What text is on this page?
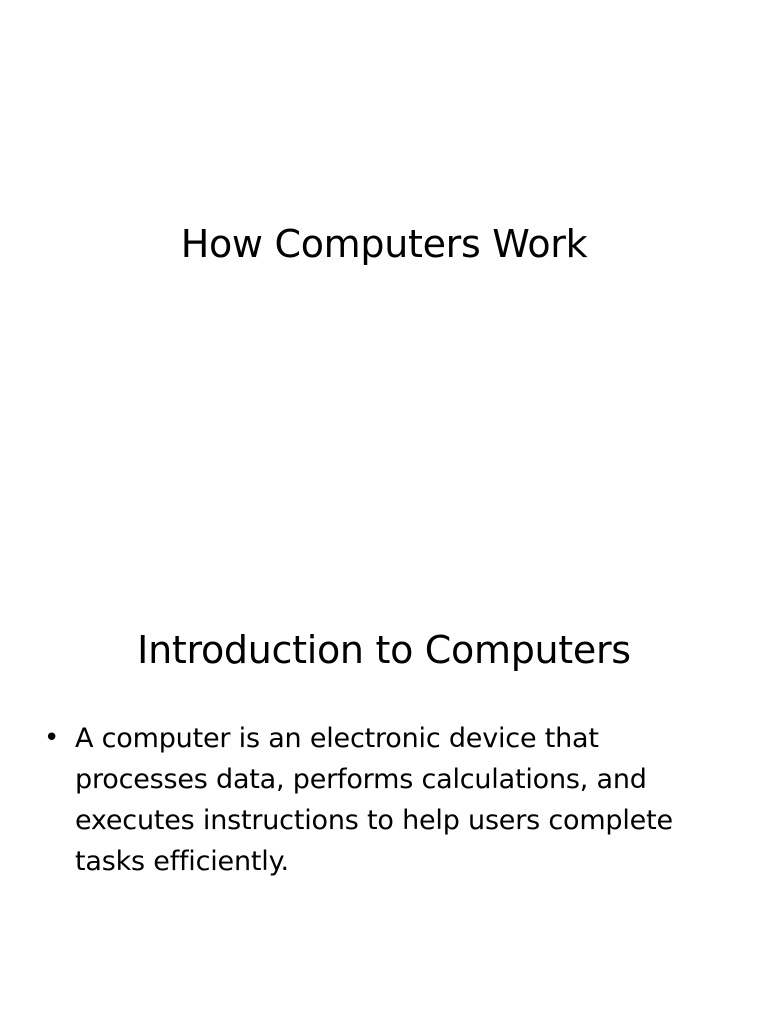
How Computers Work
Introduction to Computers
• A computer is an electronic device that processes data, performs calculations, and executes instructions to help users complete tasks efficiently.
